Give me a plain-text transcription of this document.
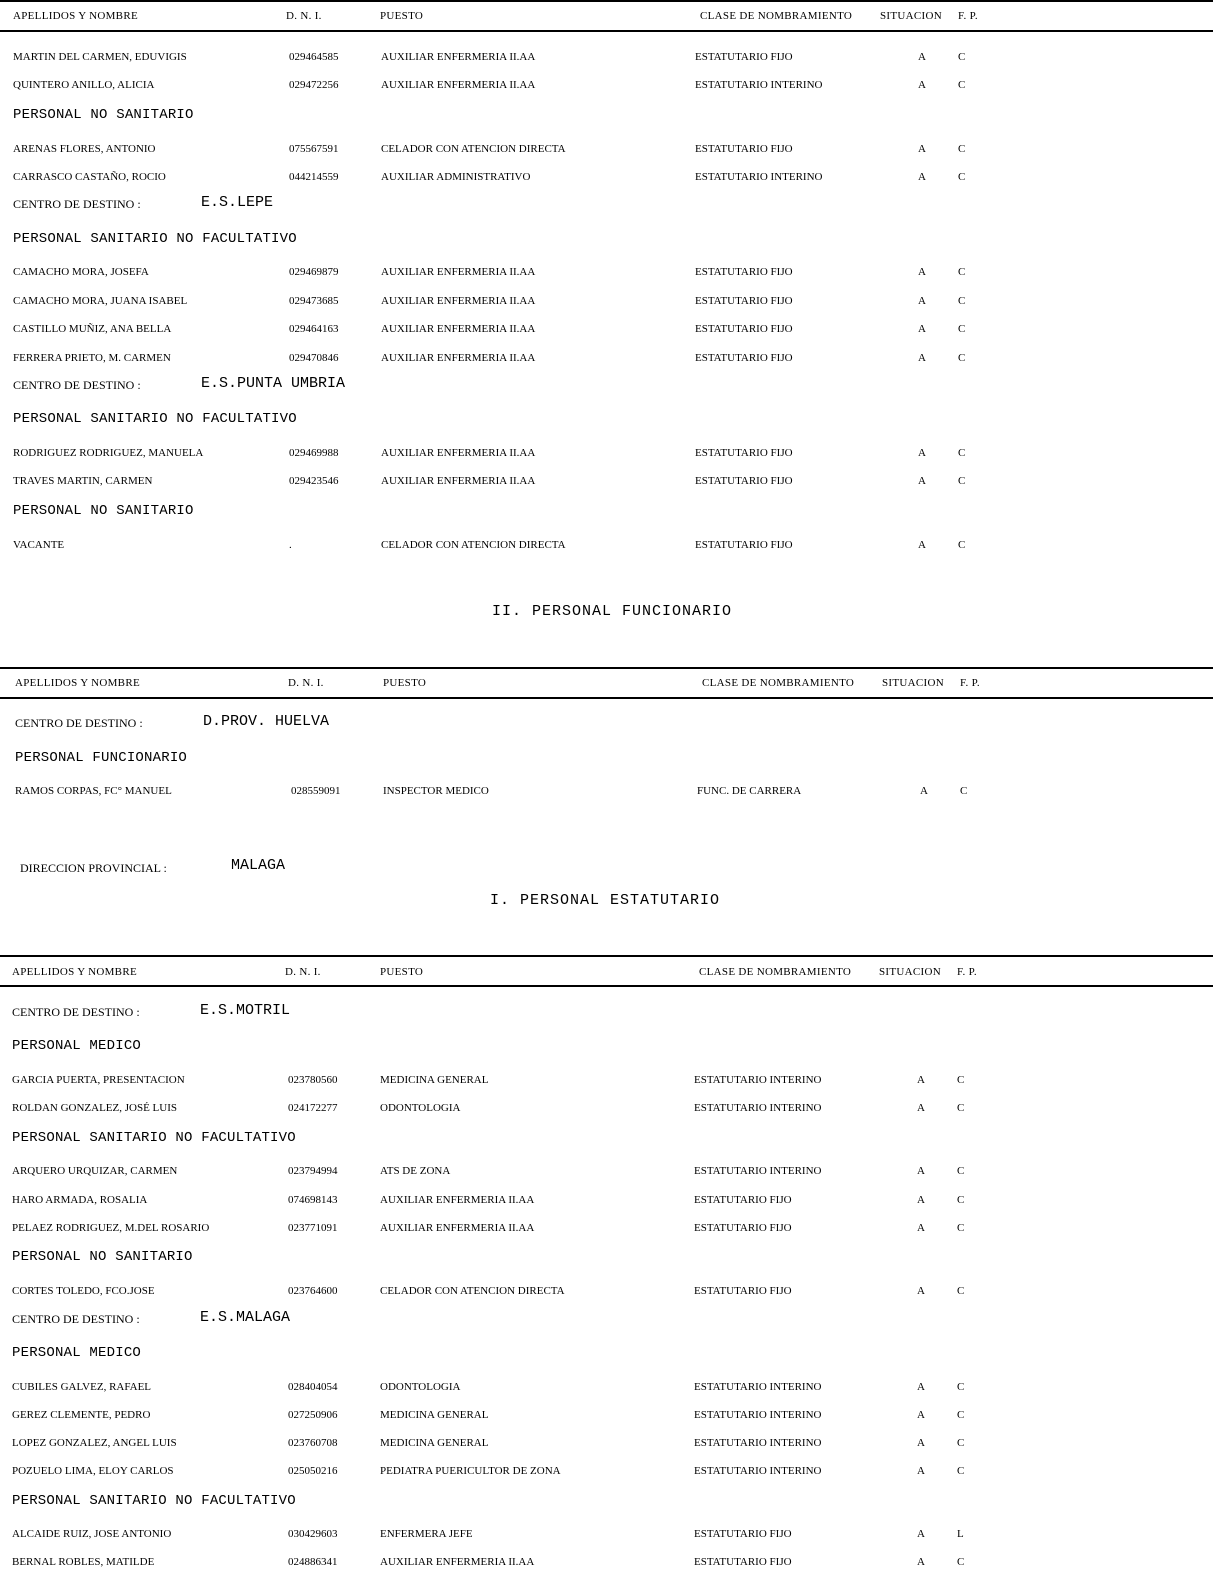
APELLIDOS Y NOMBRE	D. N. I.	PUESTO	CLASE DE NOMBRAMIENTO	SITUACION F. P.
MARTIN DEL CARMEN, EDUVIGIS	029464585	AUXILIAR ENFERMERIA II.AA	ESTATUTARIO FIJO	A	C
QUINTERO ANILLO, ALICIA	029472256	AUXILIAR ENFERMERIA II.AA	ESTATUTARIO INTERINO	A	C
PERSONAL NO SANITARIO
ARENAS FLORES, ANTONIO	075567591	CELADOR CON ATENCION DIRECTA	ESTATUTARIO FIJO	A	C
CARRASCO CASTAÑO, ROCIO	044214559	AUXILIAR ADMINISTRATIVO	ESTATUTARIO INTERINO	A	C
CENTRO DE DESTINO :	E.S.LEPE
PERSONAL SANITARIO NO FACULTATIVO
CAMACHO MORA, JOSEFA	029469879	AUXILIAR ENFERMERIA II.AA	ESTATUTARIO FIJO	A	C
CAMACHO MORA, JUANA ISABEL	029473685	AUXILIAR ENFERMERIA II.AA	ESTATUTARIO FIJO	A	C
CASTILLO MUÑIZ, ANA BELLA	029464163	AUXILIAR ENFERMERIA II.AA	ESTATUTARIO FIJO	A	C
FERRERA PRIETO, M. CARMEN	029470846	AUXILIAR ENFERMERIA II.AA	ESTATUTARIO FIJO	A	C
CENTRO DE DESTINO :	E.S.PUNTA UMBRIA
PERSONAL SANITARIO NO FACULTATIVO
RODRIGUEZ RODRIGUEZ, MANUELA	029469988	AUXILIAR ENFERMERIA II.AA	ESTATUTARIO FIJO	A	C
TRAVES MARTIN, CARMEN	029423546	AUXILIAR ENFERMERIA II.AA	ESTATUTARIO FIJO	A	C
PERSONAL NO SANITARIO
VACANTE	.	CELADOR CON ATENCION DIRECTA	ESTATUTARIO FIJO	A	C
II. PERSONAL FUNCIONARIO
APELLIDOS Y NOMBRE	D. N. I.	PUESTO	CLASE DE NOMBRAMIENTO	SITUACION F. P.
CENTRO DE DESTINO :	D.PROV. HUELVA
PERSONAL FUNCIONARIO
RAMOS CORPAS, FC° MANUEL	028559091	INSPECTOR MEDICO	FUNC. DE CARRERA	A	C
DIRECCION PROVINCIAL :	MALAGA
I. PERSONAL ESTATUTARIO
APELLIDOS Y NOMBRE	D. N. I.	PUESTO	CLASE DE NOMBRAMIENTO	SITUACION F. P.
CENTRO DE DESTINO :	E.S.MOTRIL
PERSONAL MEDICO
GARCIA PUERTA, PRESENTACION	023780560	MEDICINA GENERAL	ESTATUTARIO INTERINO	A	C
ROLDAN GONZALEZ, JOSÉ LUIS	024172277	ODONTOLOGIA	ESTATUTARIO INTERINO	A	C
PERSONAL SANITARIO NO FACULTATIVO
ARQUERO URQUIZAR, CARMEN	023794994	ATS DE ZONA	ESTATUTARIO INTERINO	A	C
HARO ARMADA, ROSALIA	074698143	AUXILIAR ENFERMERIA II.AA	ESTATUTARIO FIJO	A	C
PELAEZ RODRIGUEZ, M.DEL ROSARIO	023771091	AUXILIAR ENFERMERIA II.AA	ESTATUTARIO FIJO	A	C
PERSONAL NO SANITARIO
CORTES TOLEDO, FCO.JOSE	023764600	CELADOR CON ATENCION DIRECTA	ESTATUTARIO FIJO	A	C
CENTRO DE DESTINO :	E.S.MALAGA
PERSONAL MEDICO
CUBILES GALVEZ, RAFAEL	028404054	ODONTOLOGIA	ESTATUTARIO INTERINO	A	C
GEREZ CLEMENTE, PEDRO	027250906	MEDICINA GENERAL	ESTATUTARIO INTERINO	A	C
LOPEZ GONZALEZ, ANGEL LUIS	023760708	MEDICINA GENERAL	ESTATUTARIO INTERINO	A	C
POZUELO LIMA, ELOY CARLOS	025050216	PEDIATRA PUERICULTOR DE ZONA	ESTATUTARIO INTERINO	A	C
PERSONAL SANITARIO NO FACULTATIVO
ALCAIDE RUIZ, JOSE ANTONIO	030429603	ENFERMERA JEFE	ESTATUTARIO FIJO	A	L
BERNAL ROBLES, MATILDE	024886341	AUXILIAR ENFERMERIA II.AA	ESTATUTARIO FIJO	A	C
